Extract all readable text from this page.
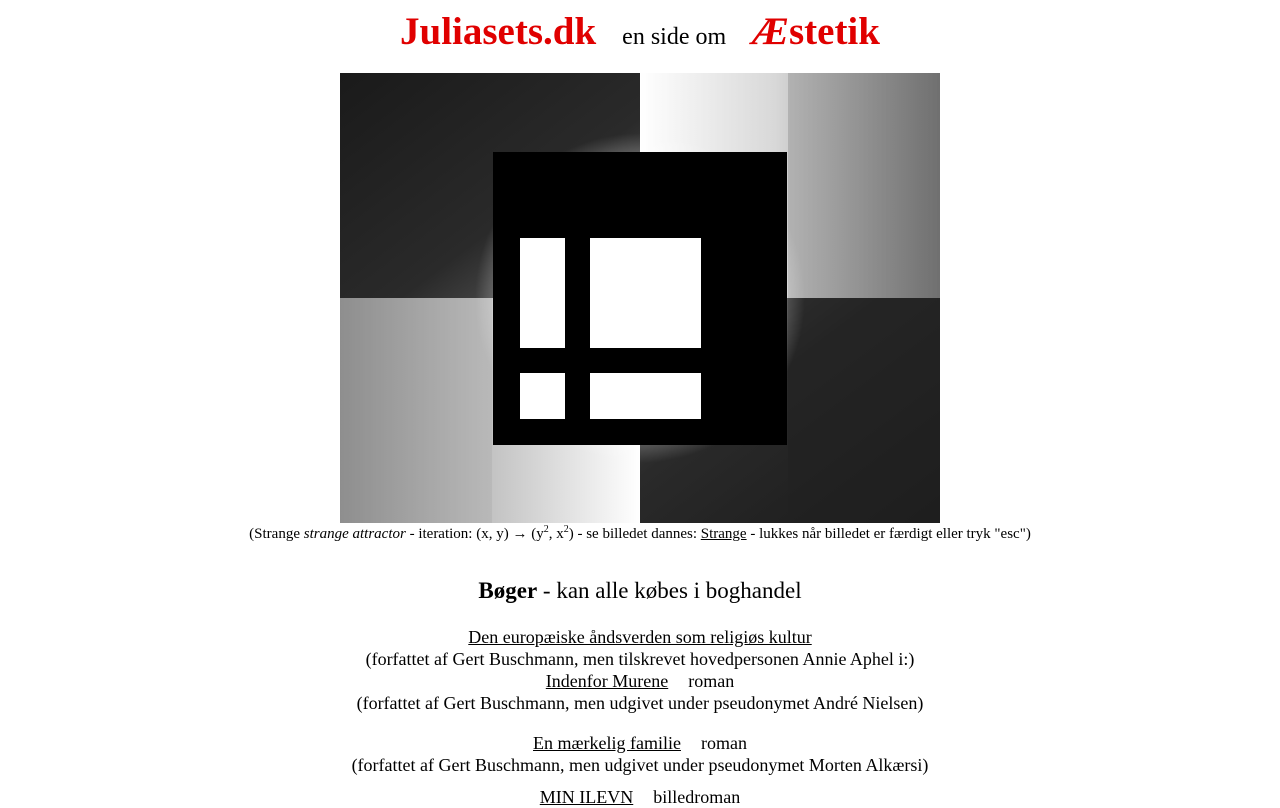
Juliasets.dk en side om Æstetik
(Strange strange attractor - iteration: (x, $y) \to (y^2$, $x^2$) - se billedet dannes: Strange - lukkes når billedet er færdigt eller tryk "esc")
Bøger - kan alle købes i boghandel
Den europæiske åndsverden som religiøs kultur
(forfattet af Gert Buschmann, men tilskrevet hovedpersonen Annie Aphel i:)
Indenfor Murene roman
(forfattet af Gert Buschmann, men udgivet under pseudonymet André Nielsen)
En mærkelig familie roman
(forfattet af Gert Buschmann, men udgivet under pseudonymet Morten Alkærsi)
MIN ILEVN billedroman
